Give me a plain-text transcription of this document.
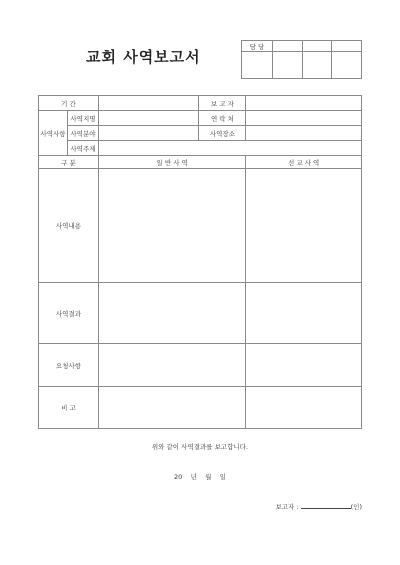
교회 사역보고서
담 당			

기 간			보 고 자	
사역사항	사역지명		연 락 처	
	사역분야		사역장소	
	사역주제			
구 분		일 반 사 역		선 교 사 역
사역내용				
사역결과				
요청사항				
비 고				
위와 같이 사역결과를 보고합니다.
20    년    월    일
보고자 :	(인)
